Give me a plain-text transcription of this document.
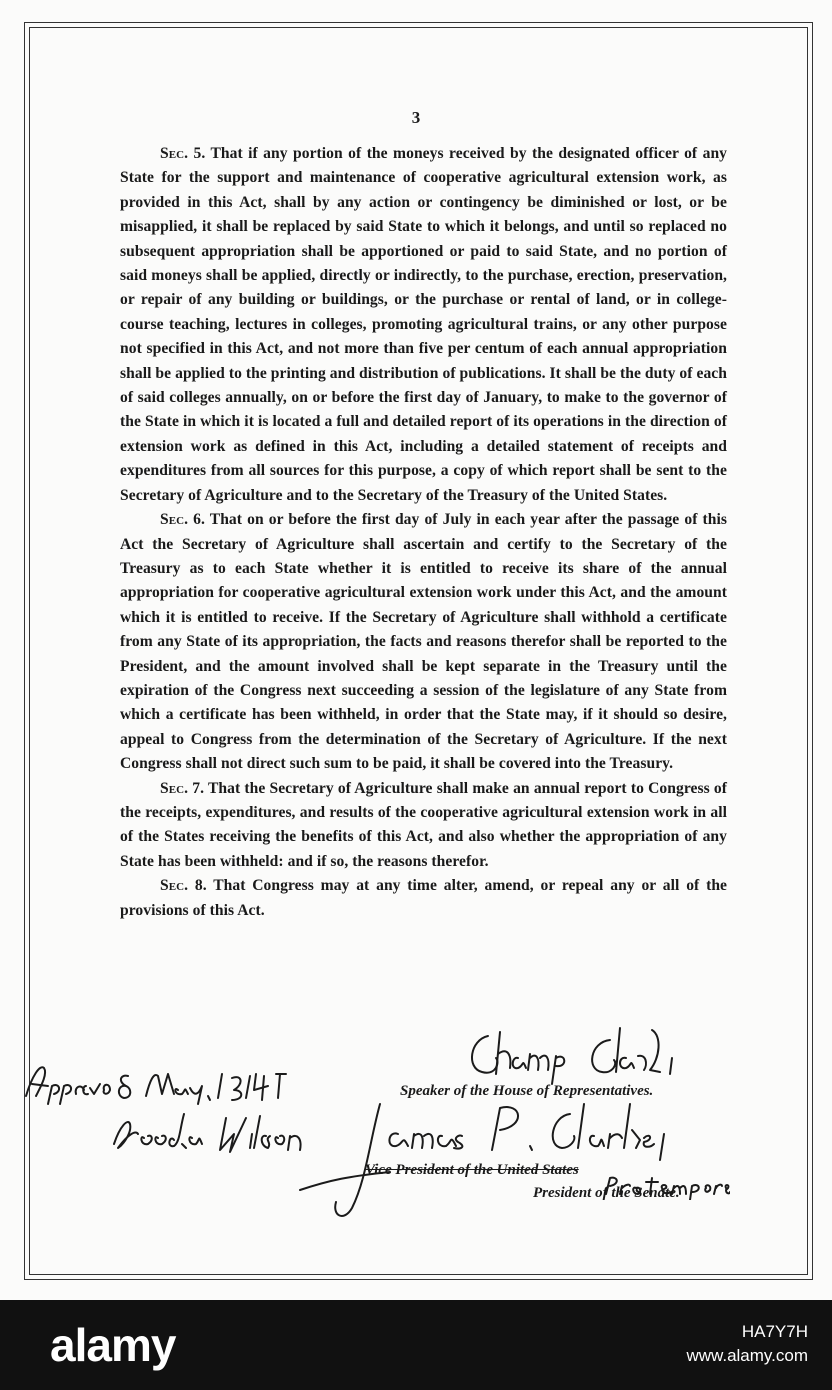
3

Sec. 5. That if any portion of the moneys received by the designated officer of any State for the support and maintenance of cooperative agricultural extension work, as provided in this Act, shall by any action or contingency be diminished or lost, or be misapplied, it shall be replaced by said State to which it belongs, and until so replaced no subsequent appropriation shall be apportioned or paid to said State, and no portion of said moneys shall be applied, directly or indirectly, to the purchase, erection, preservation, or repair of any building or buildings, or the purchase or rental of land, or in college-course teaching, lectures in colleges, promoting agricultural trains, or any other purpose not specified in this Act, and not more than five per centum of each annual appropriation shall be applied to the printing and distribution of publications. It shall be the duty of each of said colleges annually, on or before the first day of January, to make to the governor of the State in which it is located a full and detailed report of its operations in the direction of extension work as defined in this Act, including a detailed statement of receipts and expenditures from all sources for this purpose, a copy of which report shall be sent to the Secretary of Agriculture and to the Secretary of the Treasury of the United States.

Sec. 6. That on or before the first day of July in each year after the passage of this Act the Secretary of Agriculture shall ascertain and certify to the Secretary of the Treasury as to each State whether it is entitled to receive its share of the annual appropriation for cooperative agricultural extension work under this Act, and the amount which it is entitled to receive. If the Secretary of Agriculture shall withhold a certificate from any State of its appropriation, the facts and reasons therefor shall be reported to the President, and the amount involved shall be kept separate in the Treasury until the expiration of the Congress next succeeding a session of the legislature of any State from which a certificate has been withheld, in order that the State may, if it should so desire, appeal to Congress from the determination of the Secretary of Agriculture. If the next Congress shall not direct such sum to be paid, it shall be covered into the Treasury.

Sec. 7. That the Secretary of Agriculture shall make an annual report to Congress of the receipts, expenditures, and results of the cooperative agricultural extension work in all of the States receiving the benefits of this Act, and also whether the appropriation of any State has been withheld: and if so, the reasons therefor.

Sec. 8. That Congress may at any time alter, amend, or repeal any or all of the provisions of this Act.

Speaker of the House of Representatives.
Vice President of the United States
President of the Senate.
alamy	HA7Y7H
www.alamy.com
